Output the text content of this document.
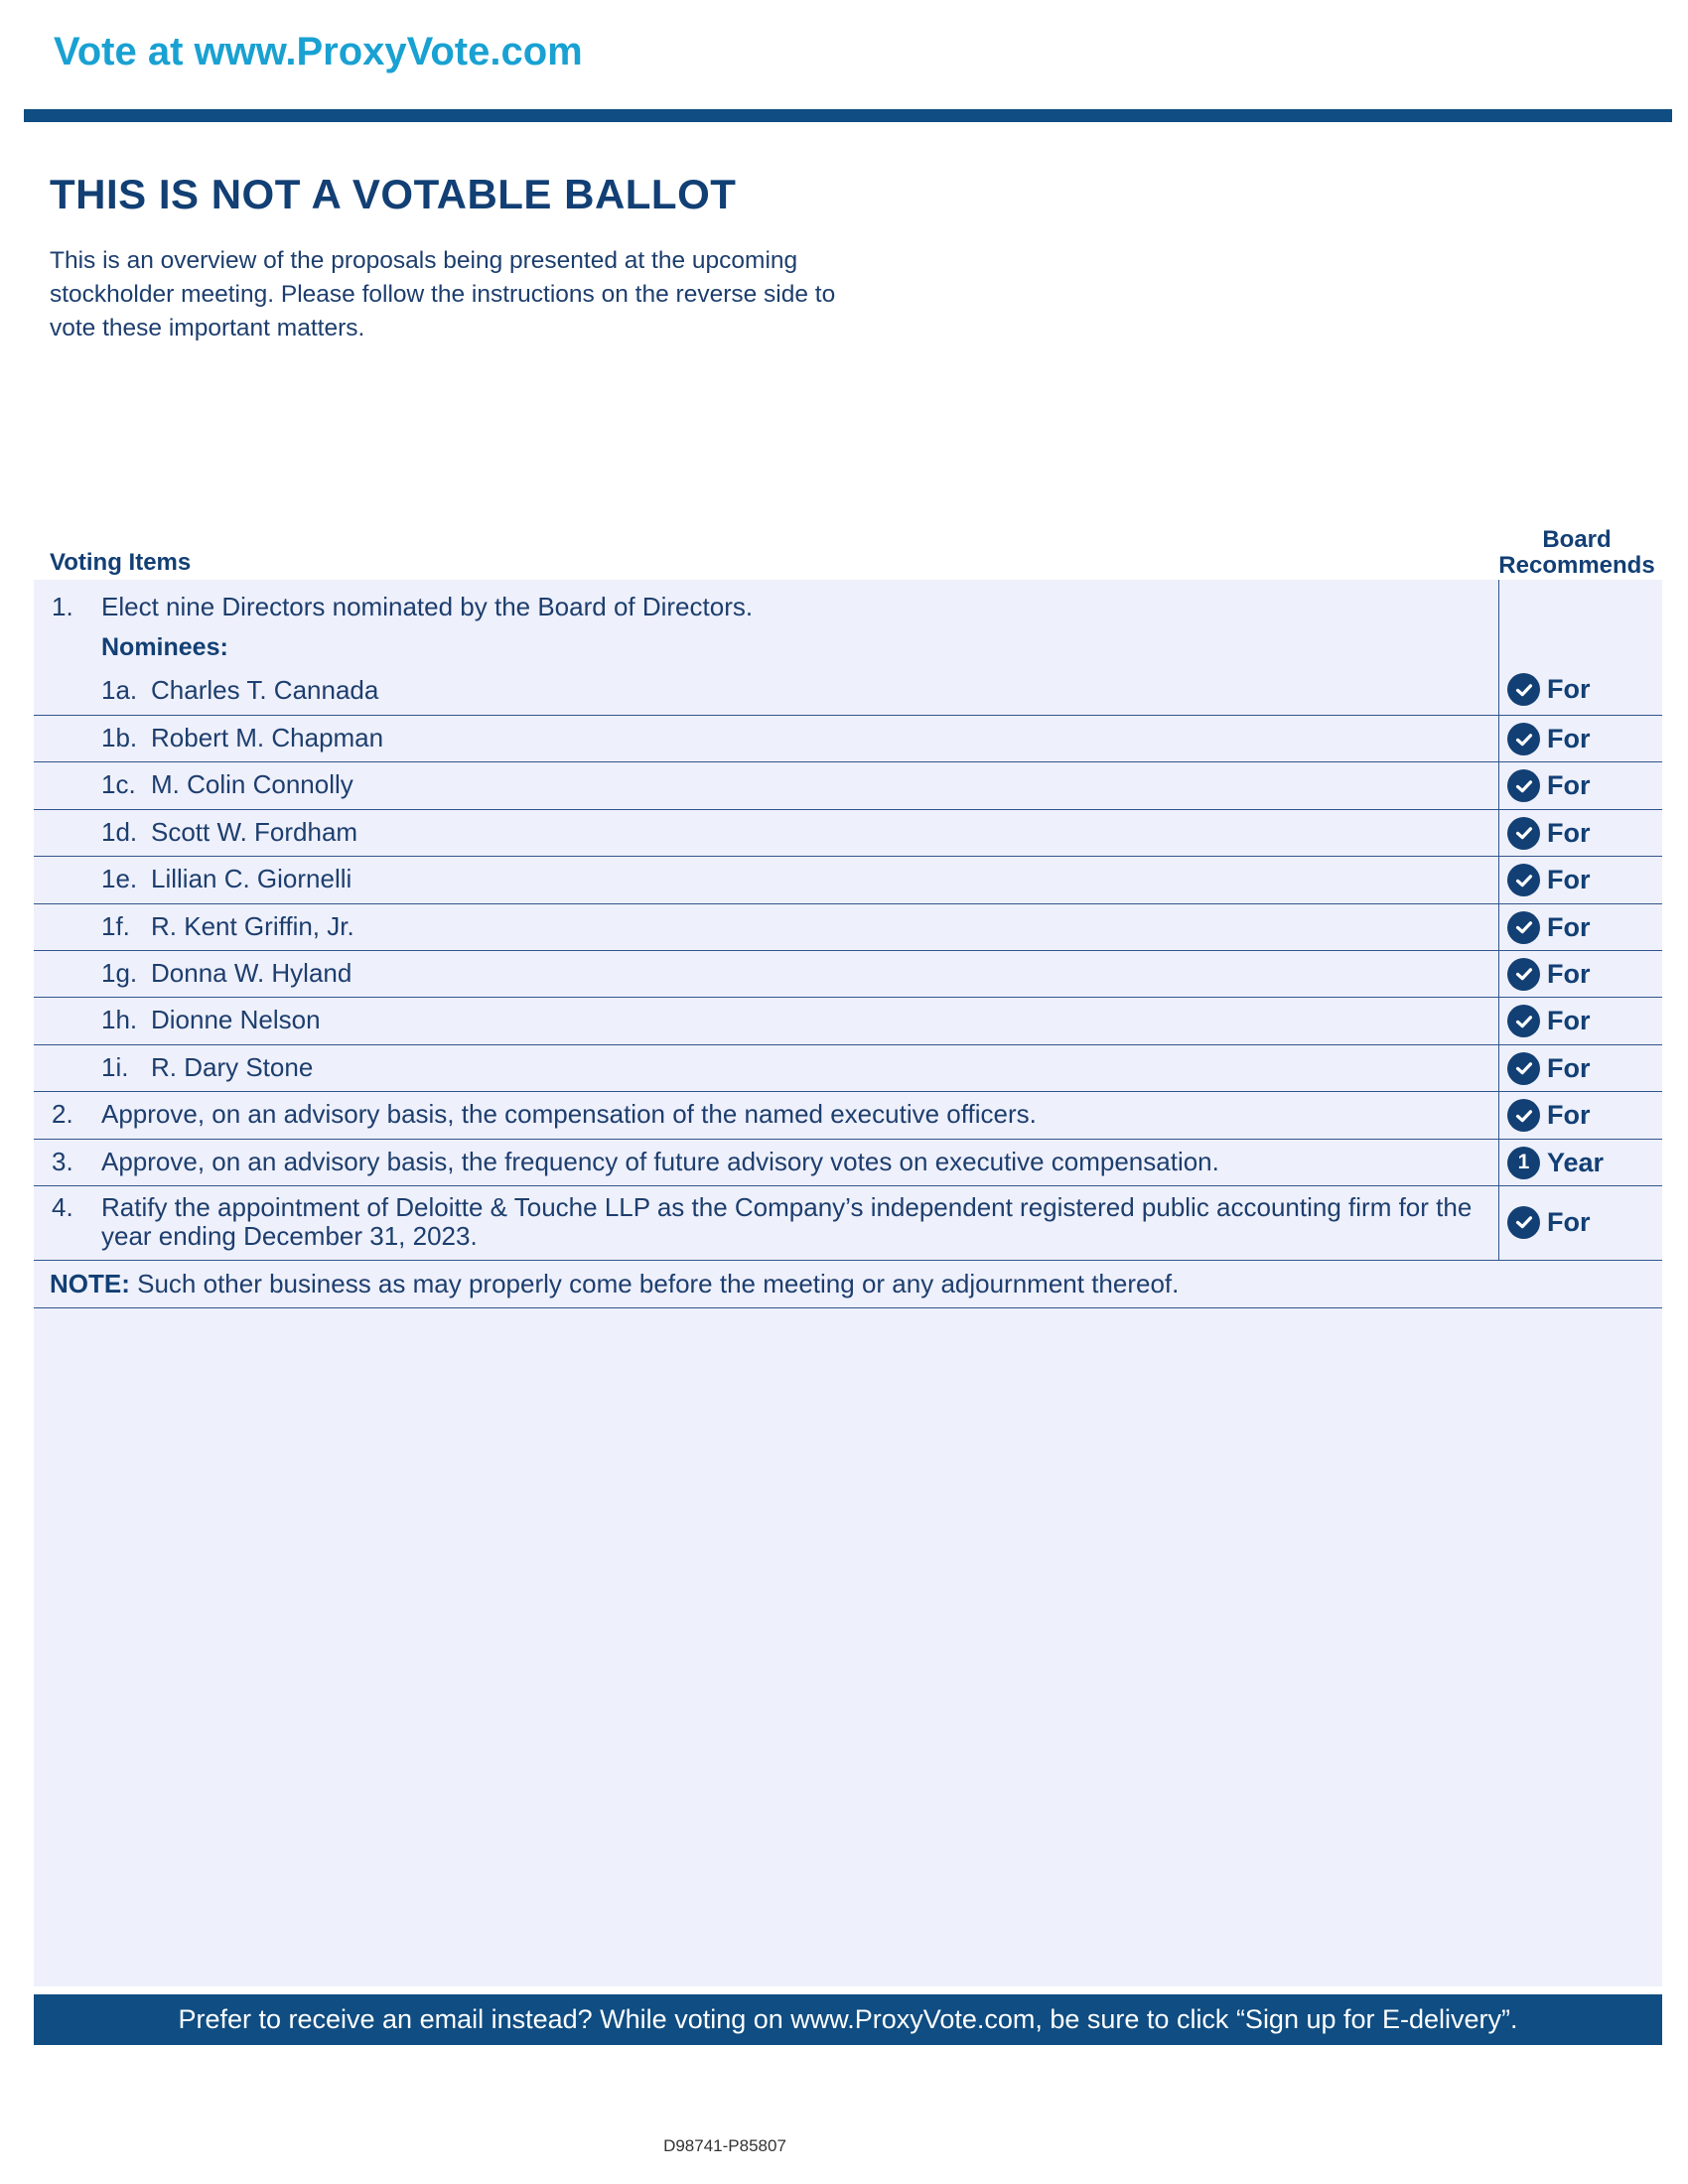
Vote at www.ProxyVote.com
THIS IS NOT A VOTABLE BALLOT
This is an overview of the proposals being presented at the upcoming stockholder meeting. Please follow the instructions on the reverse side to vote these important matters.
Voting Items
Board Recommends
1. Elect nine Directors nominated by the Board of Directors.
Nominees:
1a. Charles T. Cannada	For
1b. Robert M. Chapman	For
1c. M. Colin Connolly	For
1d. Scott W. Fordham	For
1e. Lillian C. Giornelli	For
1f. R. Kent Griffin, Jr.	For
1g. Donna W. Hyland	For
1h. Dionne Nelson	For
1i. R. Dary Stone	For
2. Approve, on an advisory basis, the compensation of the named executive officers.	For
3. Approve, on an advisory basis, the frequency of future advisory votes on executive compensation.	1 Year
4.	Ratify the appointment of Deloitte & Touche LLP as the Company’s independent registered public accounting firm for the year ending December 31, 2023.	For
NOTE: Such other business as may properly come before the meeting or any adjournment thereof.
Prefer to receive an email instead? While voting on www.ProxyVote.com, be sure to click “Sign up for E-delivery”.
D98741-P85807
